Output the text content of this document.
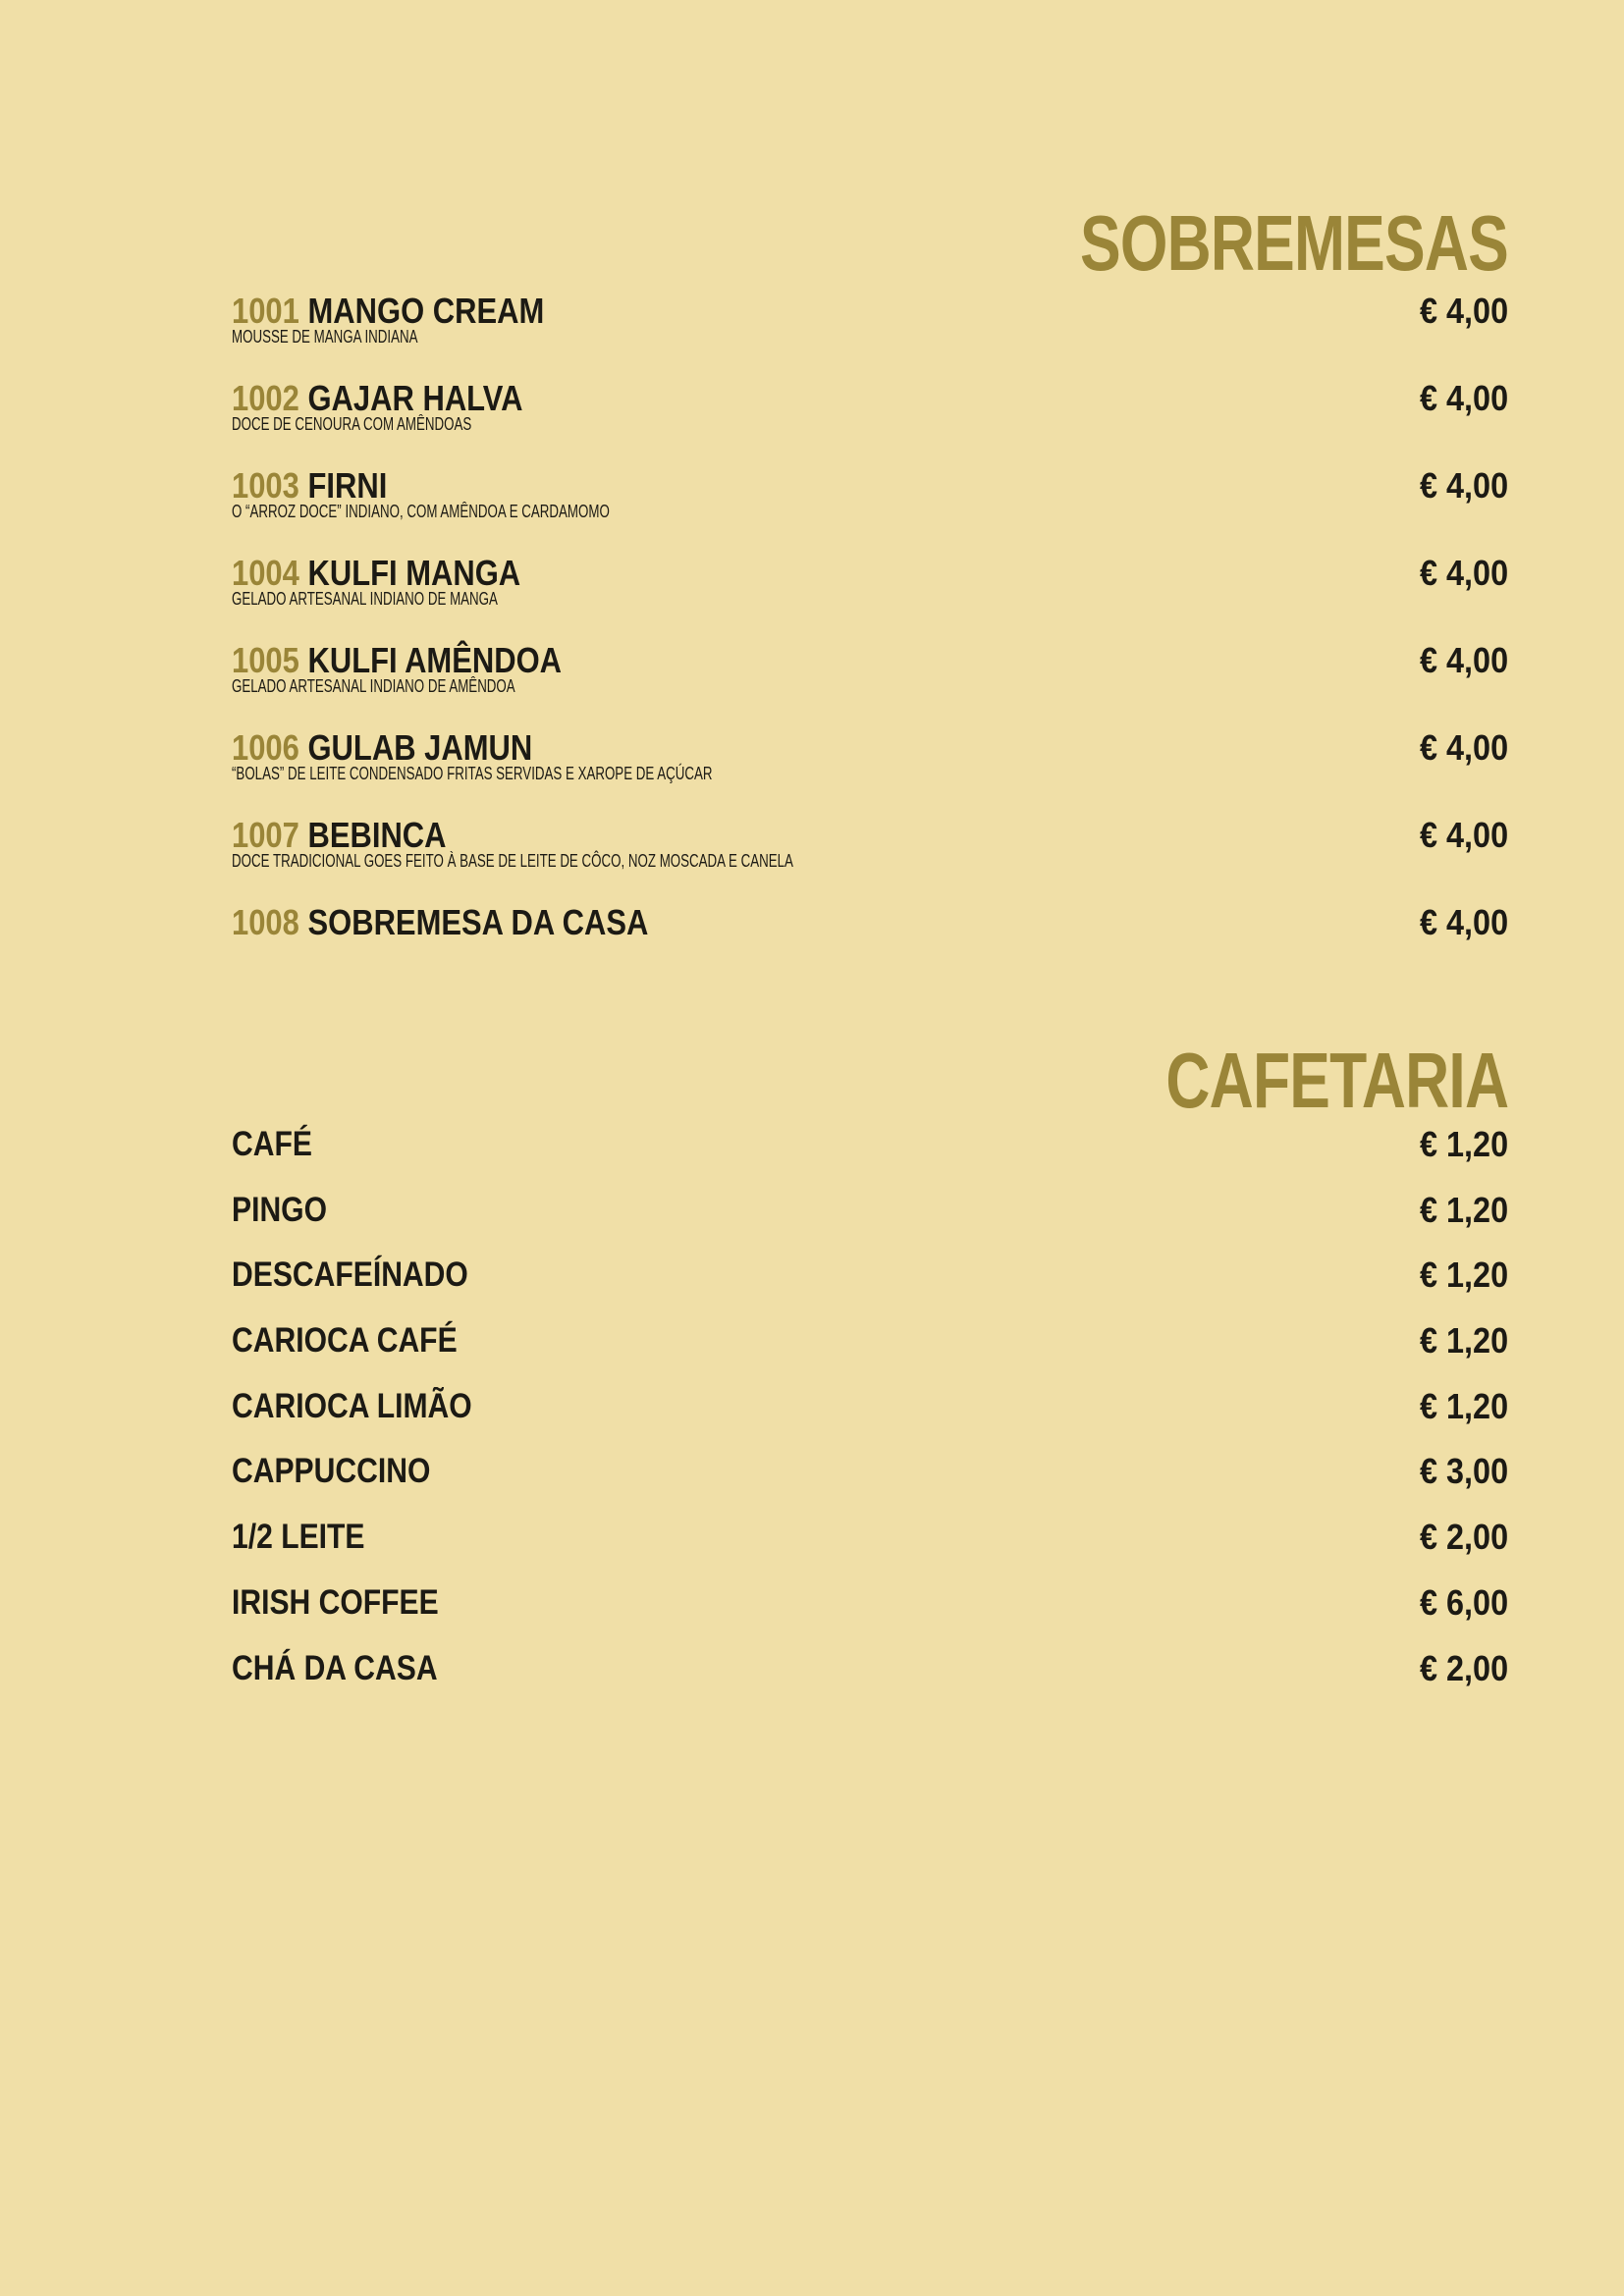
SOBREMESAS
1001 MANGO CREAM
MOUSSE DE MANGA INDIANA
€ 4,00
1002 GAJAR HALVA
DOCE DE CENOURA COM AMÊNDOAS
€ 4,00
1003 FIRNI
O “ARROZ DOCE” INDIANO, COM AMÊNDOA E CARDAMOMO
€ 4,00
1004 KULFI MANGA
GELADO ARTESANAL INDIANO DE MANGA
€ 4,00
1005 KULFI AMÊNDOA
GELADO ARTESANAL INDIANO DE AMÊNDOA
€ 4,00
1006 GULAB JAMUN
“BOLAS” DE LEITE CONDENSADO FRITAS SERVIDAS E XAROPE DE AÇÚCAR
€ 4,00
1007 BEBINCA
DOCE TRADICIONAL GOES FEITO À BASE DE LEITE DE CÔCO, NOZ MOSCADA E CANELA
€ 4,00
1008 SOBREMESA DA CASA	€ 4,00
CAFETARIA
CAFÉ	€ 1,20
PINGO	€ 1,20
DESCAFEÍNADO	€ 1,20
CARIOCA CAFÉ	€ 1,20
CARIOCA LIMÃO	€ 1,20
CAPPUCCINO	€ 3,00
1/2 LEITE	€ 2,00
IRISH COFFEE	€ 6,00
CHÁ DA CASA	€ 2,00
